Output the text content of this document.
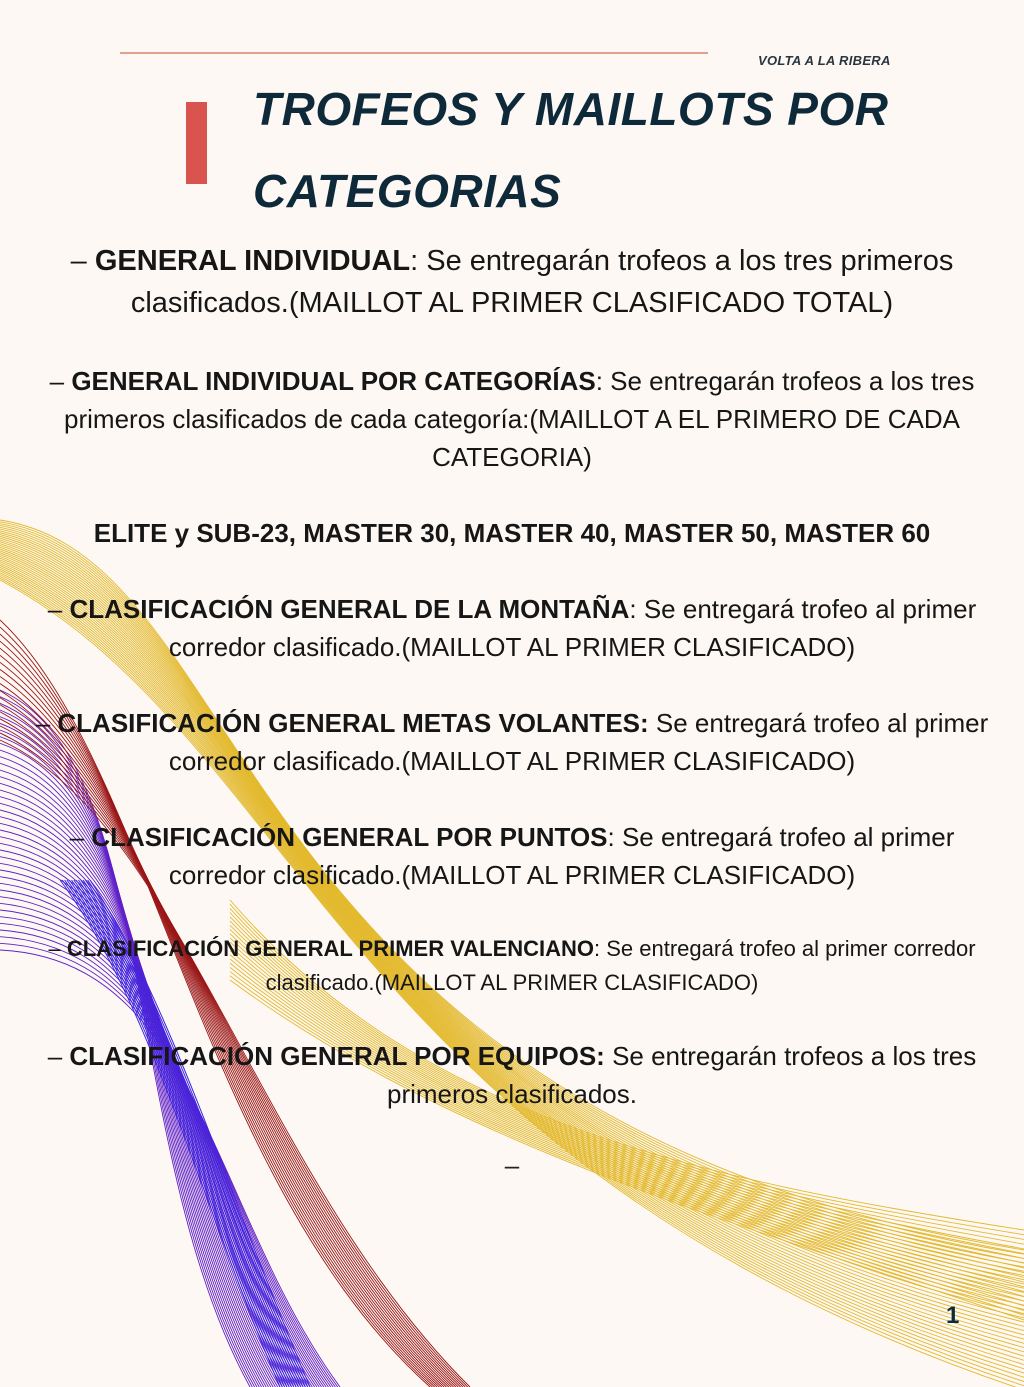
VOLTA A LA RIBERA
TROFEOS Y MAILLOTS POR
CATEGORIAS

– GENERAL INDIVIDUAL: Se entregarán trofeos a los tres primeros clasificados.(MAILLOT AL PRIMER CLASIFICADO TOTAL)

– GENERAL INDIVIDUAL POR CATEGORÍAS: Se entregarán trofeos a los tres primeros clasificados de cada categoría:(MAILLOT A EL PRIMERO DE CADA CATEGORIA)

ELITE y SUB-23, MASTER 30, MASTER 40, MASTER 50, MASTER 60

– CLASIFICACIÓN GENERAL DE LA MONTAÑA: Se entregará trofeo al primer corredor clasificado.(MAILLOT AL PRIMER CLASIFICADO)

– CLASIFICACIÓN GENERAL METAS VOLANTES: Se entregará trofeo al primer corredor clasificado.(MAILLOT AL PRIMER CLASIFICADO)

– CLASIFICACIÓN GENERAL POR PUNTOS: Se entregará trofeo al primer corredor clasificado.(MAILLOT AL PRIMER CLASIFICADO)

– CLASIFICACIÓN GENERAL PRIMER VALENCIANO: Se entregará trofeo al primer corredor clasificado.(MAILLOT AL PRIMER CLASIFICADO)

– CLASIFICACIÓN GENERAL POR EQUIPOS: Se entregarán trofeos a los tres primeros clasificados.

–
1
